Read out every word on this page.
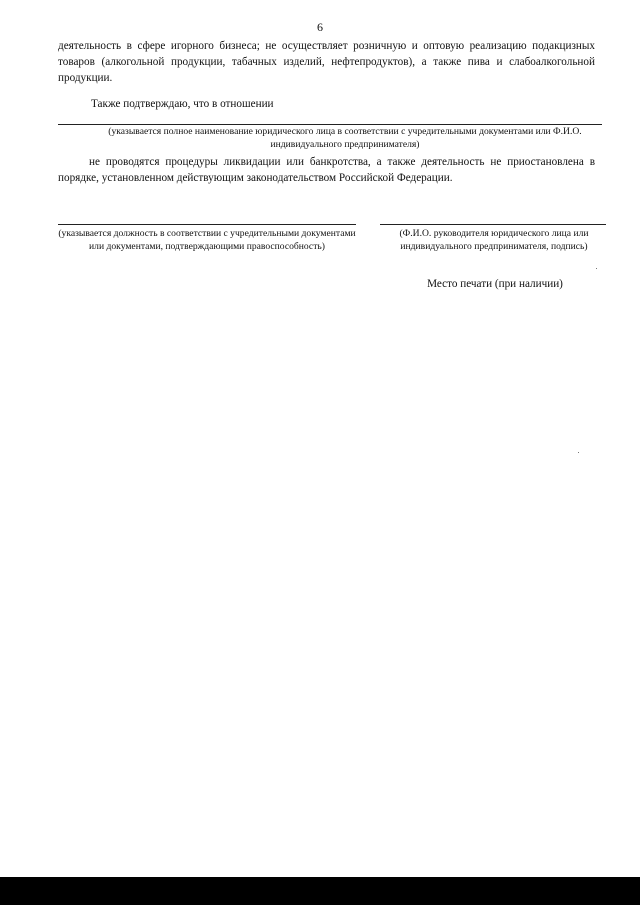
6
деятельность в сфере игорного бизнеса; не осуществляет розничную и оптовую реализацию подакцизных товаров (алкогольной продукции, табачных изделий, нефтепродуктов), а также пива и слабоалкогольной продукции.
Также подтверждаю, что в отношении
(указывается полное наименование юридического лица в соответствии с учредительными документами или Ф.И.О. индивидуального предпринимателя)
не проводятся процедуры ликвидации или банкротства, а также деятельность не приостановлена в порядке, установленном действующим законодательством Российской Федерации.
(указывается должность в соответствии с учредительными документами или документами, подтверждающими правоспособность)
(Ф.И.О. руководителя юридического лица или индивидуального предпринимателя, подпись)
Место печати (при наличии)
